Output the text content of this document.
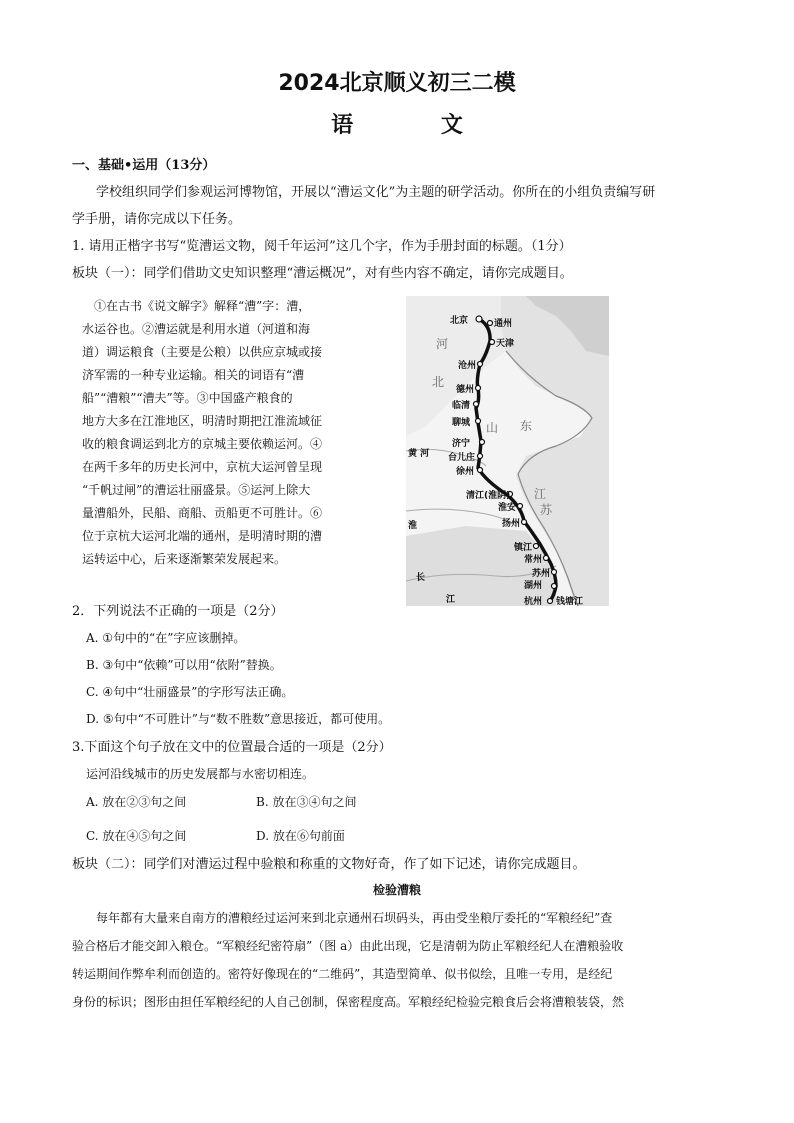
2024北京顺义初三二模
语 文
一、基础•运用（13分）
学校组织同学们参观运河博物馆，开展以“漕运文化”为主题的研学活动。你所在的小组负责编写研
学手册，请你完成以下任务。
1. 请用正楷字书写“览漕运文物，阅千年运河”这几个字，作为手册封面的标题。（1分）
板块（一）：同学们借助文史知识整理“漕运概况”，对有些内容不确定，请你完成题目。
①在古书《说文解字》解释“漕”字：漕，
水运谷也。②漕运就是利用水道（河道和海
道）调运粮食（主要是公粮）以供应京城或接
济军需的一种专业运输。相关的词语有“漕
船”“漕粮”“漕夫”等。③中国盛产粮食的
地方大多在江淮地区，明清时期把江淮流域征
收的粮食调运到北方的京城主要依赖运河。④
在两千多年的历史长河中，京杭大运河曾呈现
“千帆过闸”的漕运壮丽盛景。⑤运河上除大
量漕船外，民船、商船、贡船更不可胜计。⑥
位于京杭大运河北端的通州，是明清时期的漕
运转运中心，后来逐渐繁荣发展起来。
北京	通州
天津
沧州
德州
临清
聊城
济宁
台儿庄
徐州
清江(淮阴)
淮安
扬州
镇江
常州
苏州
湖州
杭州 钱塘江
河
北
山 东
江
苏
黄 河
淮
长
江
2．下列说法不正确的一项是（2分）
A. ①句中的“在”字应该删掉。
B. ③句中“依赖”可以用“依附”替换。
C. ④句中“壮丽盛景”的字形写法正确。
D. ⑤句中“不可胜计”与“数不胜数”意思接近，都可使用。
3.下面这个句子放在文中的位置最合适的一项是（2分）
运河沿线城市的历史发展都与水密切相连。
A. 放在②③句之间	B. 放在③④句之间
C. 放在④⑤句之间	D. 放在⑥句前面
板块（二）：同学们对漕运过程中验粮和称重的文物好奇，作了如下记述，请你完成题目。
检验漕粮
每年都有大量来自南方的漕粮经过运河来到北京通州石坝码头，再由受坐粮厅委托的“军粮经纪”查
验合格后才能交卸入粮仓。“军粮经纪密符扇”（图 a）由此出现，它是清朝为防止军粮经纪人在漕粮验收
转运期间作弊牟利而创造的。密符好像现在的“二维码”，其造型简单、似书似绘，且唯一专用，是经纪
身份的标识；图形由担任军粮经纪的人自己创制，保密程度高。军粮经纪检验完粮食后会将漕粮装袋，然
